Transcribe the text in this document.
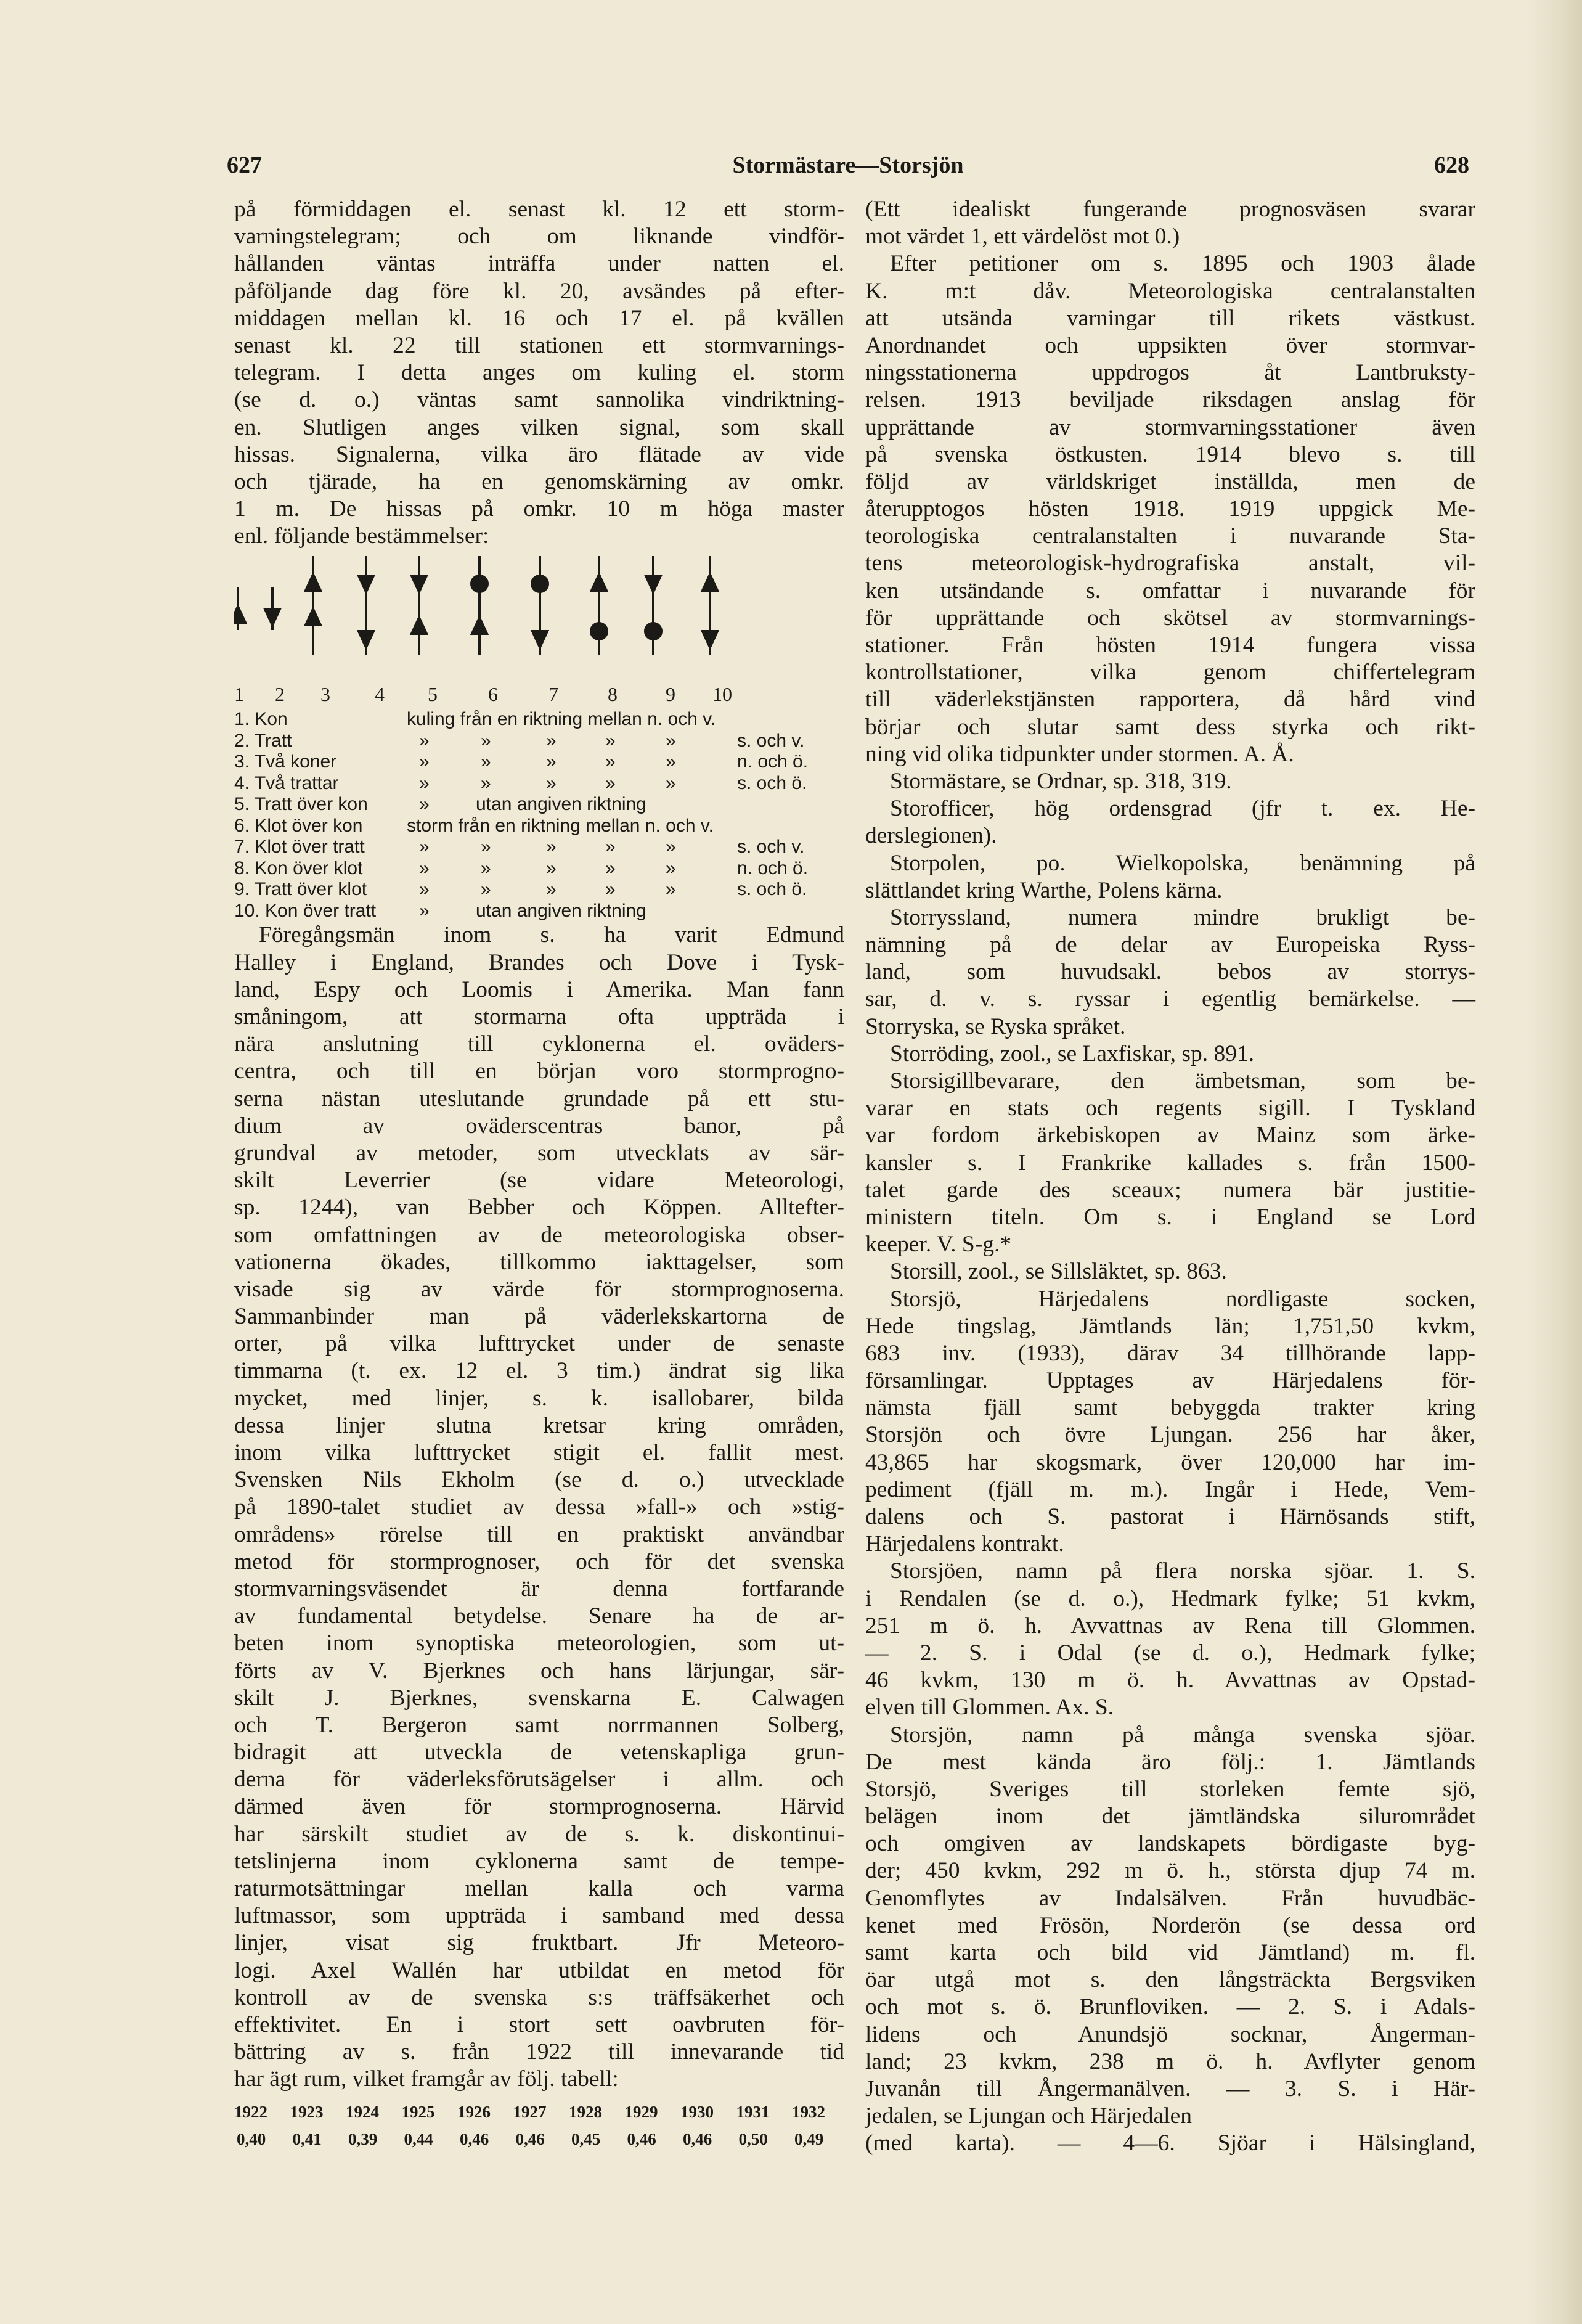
627	Stormästare—Storsjön	628
på förmiddagen el. senast kl. 12 ett storm-
varningstelegram; och om liknande vindför-
hållanden väntas inträffa under natten el.
påföljande dag före kl. 20, avsändes på efter-
middagen mellan kl. 16 och 17 el. på kvällen
senast kl. 22 till stationen ett stormvarnings-
telegram. I detta anges om kuling el. storm
(se d. o.) väntas samt sannolika vindriktning-
en. Slutligen anges vilken signal, som skall
hissas. Signalerna, vilka äro flätade av vide
och tjärade, ha en genomskärning av omkr.
1 m. De hissas på omkr. 10 m höga master
enl. följande bestämmelser:
1 2 3 4 5	6	7	8 9 10
1. Kon	kuling från en riktning mellan n. och v.
2. Tratt	»	»	»	»	»	s. och v.
3. Två koner	»	»	»	»	»	n. och ö.
4. Två trattar	»	»	»	»	»	s. och ö.
5. Tratt över kon	»	utan angiven riktning
6. Klot över kon storm från en riktning mellan n. och v.
7. Klot över tratt	»	»	»	»	»	s. och v.
8. Kon över klot	»	»	»	»	»	n. och ö.
9. Tratt över klot	»	»	»	»	»	s. och ö.
10. Kon över tratt »	utan angiven riktning
Föregångsmän inom s. ha varit Edmund
Halley i England, Brandes och Dove i Tysk-
land, Espy och Loomis i Amerika. Man fann
småningom, att stormarna ofta uppträda i
nära anslutning till cyklonerna el. oväders-
centra, och till en början voro stormprogno-
serna nästan uteslutande grundade på ett stu-
dium av oväderscentras banor, på
grundval av metoder, som utvecklats av sär-
skilt Leverrier (se vidare Meteorologi,
sp. 1244), van Bebber och Köppen. Alltefter-
som omfattningen av de meteorologiska obser-
vationerna ökades, tillkommo iakttagelser, som
visade sig av värde för stormprognoserna.
Sammanbinder man på väderlekskartorna de
orter, på vilka lufttrycket under de senaste
timmarna (t. ex. 12 el. 3 tim.) ändrat sig lika
mycket, med linjer, s. k. isallobarer, bilda
dessa linjer slutna kretsar kring områden,
inom vilka lufttrycket stigit el. fallit mest.
Svensken Nils Ekholm (se d. o.) utvecklade
på 1890-talet studiet av dessa »fall-» och »stig-
områdens» rörelse till en praktiskt användbar
metod för stormprognoser, och för det svenska
stormvarningsväsendet är denna fortfarande
av fundamental betydelse. Senare ha de ar-
beten inom synoptiska meteorologien, som ut-
förts av V. Bjerknes och hans lärjungar, sär-
skilt J. Bjerknes, svenskarna E. Calwagen
och T. Bergeron samt norrmannen Solberg,
bidragit att utveckla de vetenskapliga grun-
derna för väderleksförutsägelser i allm. och
därmed även för stormprognoserna. Härvid
har särskilt studiet av de s. k. diskontinui-
tetslinjerna inom cyklonerna samt de tempe-
raturmotsättningar mellan kalla och varma
luftmassor, som uppträda i samband med dessa
linjer, visat sig fruktbart. Jfr Meteoro-
logi. Axel Wallén har utbildat en metod för
kontroll av de svenska s:s träffsäkerhet och
effektivitet. En i stort sett oavbruten för-
bättring av s. från 1922 till innevarande tid
har ägt rum, vilket framgår av följ. tabell:
1922 1923 1924 1925 1926 1927 1928 1929 1930 1931 1932
0,40 0,41 0,39 0,44 0,46 0,46 0,45 0,46 0,46 0,50 0,49
(Ett idealiskt fungerande prognosväsen svarar
mot värdet 1, ett värdelöst mot 0.)
Efter petitioner om s. 1895 och 1903 ålade
K. m:t dåv. Meteorologiska centralanstalten
att utsända varningar till rikets västkust.
Anordnandet och uppsikten över stormvar-
ningsstationerna uppdrogos åt Lantbruksty-
relsen. 1913 beviljade riksdagen anslag för
upprättande av stormvarningsstationer även
på svenska östkusten. 1914 blevo s. till
följd av världskriget inställda, men de
återupptogos hösten 1918. 1919 uppgick Me-
teorologiska centralanstalten i nuvarande Sta-
tens meteorologisk-hydrografiska anstalt, vil-
ken utsändande s. omfattar i nuvarande för
för upprättande och skötsel av stormvarnings-
stationer. Från hösten 1914 fungera vissa
kontrollstationer, vilka genom chiffertelegram
till väderlekstjänsten rapportera, då hård vind
börjar och slutar samt dess styrka och rikt-
ning vid olika tidpunkter under stormen. A. Å.
Stormästare, se Ordnar, sp. 318, 319.
Storofficer, hög ordensgrad (jfr t. ex. He-
derslegionen).
Storpolen, po. Wielkopolska, benämning på
slättlandet kring Warthe, Polens kärna.
Storryssland, numera mindre brukligt be-
nämning på de delar av Europeiska Ryss-
land, som huvudsakl. bebos av storrys-
sar, d. v. s. ryssar i egentlig bemärkelse. —
Storryska, se Ryska språket.
Storröding, zool., se Laxfiskar, sp. 891.
Storsigillbevarare, den ämbetsman, som be-
varar en stats och regents sigill. I Tyskland
var fordom ärkebiskopen av Mainz som ärke-
kansler s. I Frankrike kallades s. från 1500-
talet garde des sceaux; numera bär justitie-
ministern titeln. Om s. i England se Lord
keeper. V. S-g.*
Storsill, zool., se Sillsläktet, sp. 863.
Storsjö, Härjedalens nordligaste socken,
Hede tingslag, Jämtlands län; 1,751,50 kvkm,
683 inv. (1933), därav 34 tillhörande lapp-
församlingar. Upptages av Härjedalens för-
nämsta fjäll samt bebyggda trakter kring
Storsjön och övre Ljungan. 256 har åker,
43,865 har skogsmark, över 120,000 har im-
pediment (fjäll m. m.). Ingår i Hede, Vem-
dalens och S. pastorat i Härnösands stift,
Härjedalens kontrakt.
Storsjöen, namn på flera norska sjöar. 1. S.
i Rendalen (se d. o.), Hedmark fylke; 51 kvkm,
251 m ö. h. Avvattnas av Rena till Glommen.
— 2. S. i Odal (se d. o.), Hedmark fylke;
46 kvkm, 130 m ö. h. Avvattnas av Opstad-
elven till Glommen. Ax. S.
Storsjön, namn på många svenska sjöar.
De mest kända äro följ.: 1. Jämtlands
Storsjö, Sveriges till storleken femte sjö,
belägen inom det jämtländska silurområdet
och omgiven av landskapets bördigaste byg-
der; 450 kvkm, 292 m ö. h., största djup 74 m.
Genomflytes av Indalsälven. Från huvudbäc-
kenet med Frösön, Norderön (se dessa ord
samt karta och bild vid Jämtland) m. fl.
öar utgå mot s. den långsträckta Bergsviken
och mot s. ö. Brunfloviken. — 2. S. i Adals-
lidens och Anundsjö socknar, Ångerman-
land; 23 kvkm, 238 m ö. h. Avflyter genom
Juvanån till Ångermanälven. — 3. S. i Här-
jedalen, se Ljungan och Härjedalen
(med karta). — 4—6. Sjöar i Hälsingland,
